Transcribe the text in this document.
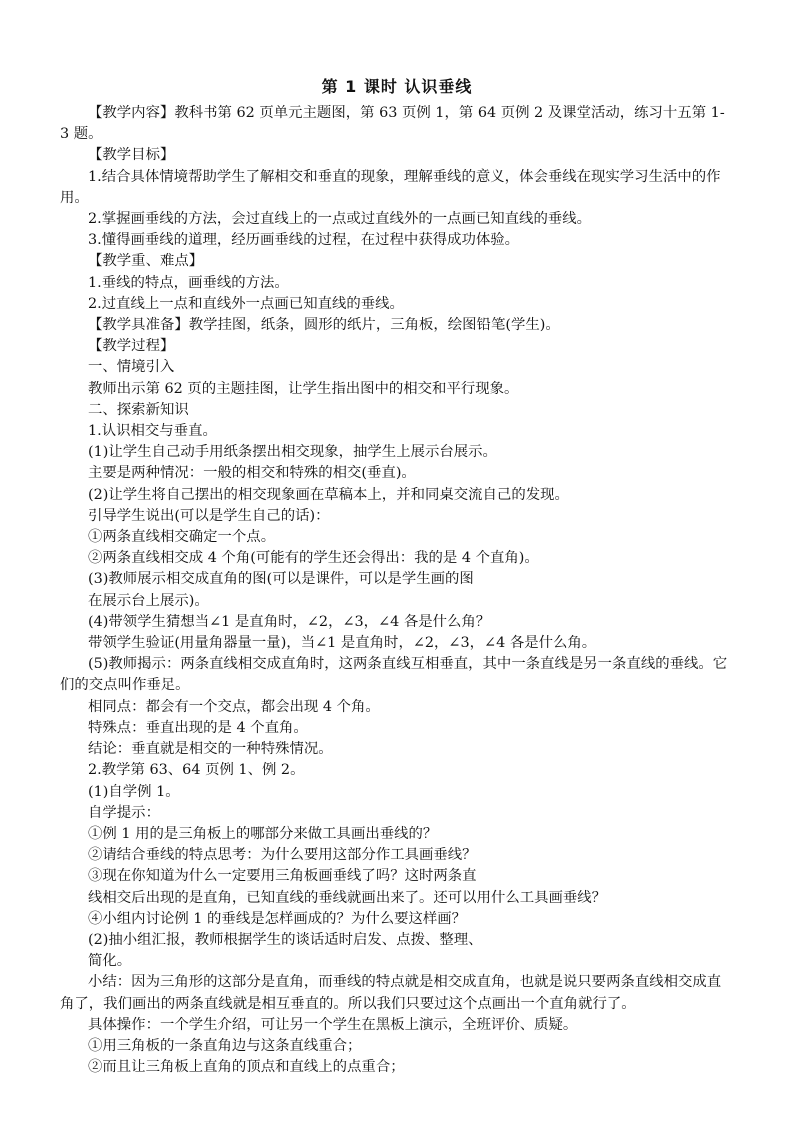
第 1 课时 认识垂线

【教学内容】教科书第 62 页单元主题图，第 63 页例 1，第 64 页例 2 及课堂活动，练习十五第 1-3 题。

【教学目标】

1.结合具体情境帮助学生了解相交和垂直的现象，理解垂线的意义，体会垂线在现实学习生活中的作用。

2.掌握画垂线的方法，会过直线上的一点或过直线外的一点画已知直线的垂线。

3.懂得画垂线的道理，经历画垂线的过程，在过程中获得成功体验。

【教学重、难点】

1.垂线的特点，画垂线的方法。

2.过直线上一点和直线外一点画已知直线的垂线。

【教学具准备】教学挂图，纸条，圆形的纸片，三角板，绘图铅笔(学生)。

【教学过程】

一、情境引入

教师出示第 62 页的主题挂图，让学生指出图中的相交和平行现象。

二、探索新知识

1.认识相交与垂直。

(1)让学生自己动手用纸条摆出相交现象，抽学生上展示台展示。

主要是两种情况：一般的相交和特殊的相交(垂直)。

(2)让学生将自己摆出的相交现象画在草稿本上，并和同桌交流自己的发现。

引导学生说出(可以是学生自己的话)：

①两条直线相交确定一个点。

②两条直线相交成 4 个角(可能有的学生还会得出：我的是 4 个直角)。

(3)教师展示相交成直角的图(可以是课件，可以是学生画的图

在展示台上展示)。

(4)带领学生猜想当∠1 是直角时，∠2，∠3，∠4 各是什么角？

带领学生验证(用量角器量一量)，当∠1 是直角时，∠2，∠3，∠4 各是什么角。

(5)教师揭示：两条直线相交成直角时，这两条直线互相垂直，其中一条直线是另一条直线的垂线。它们的交点叫作垂足。

相同点：都会有一个交点，都会出现 4 个角。

特殊点：垂直出现的是 4 个直角。

结论：垂直就是相交的一种特殊情况。

2.教学第 63、64 页例 1、例 2。

(1)自学例 1。

自学提示：

①例 1 用的是三角板上的哪部分来做工具画出垂线的？

②请结合垂线的特点思考：为什么要用这部分作工具画垂线？

③现在你知道为什么一定要用三角板画垂线了吗？这时两条直

线相交后出现的是直角，已知直线的垂线就画出来了。还可以用什么工具画垂线？

④小组内讨论例 1 的垂线是怎样画成的？为什么要这样画？

(2)抽小组汇报，教师根据学生的谈话适时启发、点拨、整理、

简化。

小结：因为三角形的这部分是直角，而垂线的特点就是相交成直角，也就是说只要两条直线相交成直角了，我们画出的两条直线就是相互垂直的。所以我们只要过这个点画出一个直角就行了。

具体操作：一个学生介绍，可让另一个学生在黑板上演示，全班评价、质疑。

①用三角板的一条直角边与这条直线重合；

②而且让三角板上直角的顶点和直线上的点重合；
